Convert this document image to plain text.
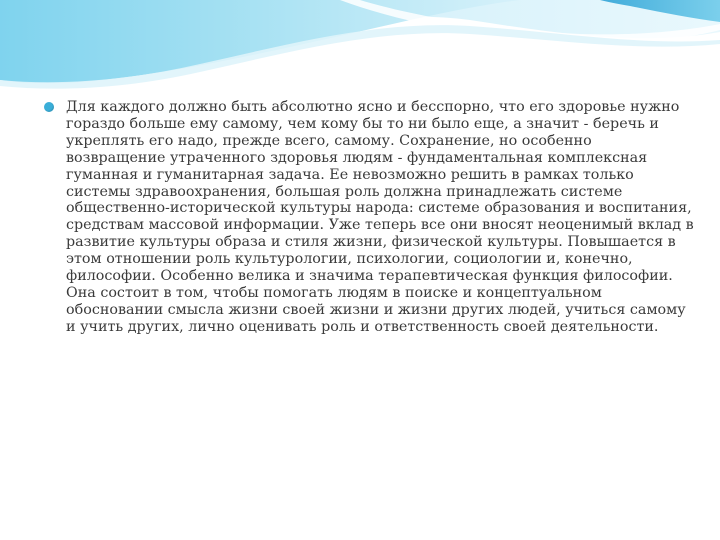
Для каждого должно быть абсолютно ясно и бесспорно, что его здоровье нужно гораздо больше ему самому, чем кому бы то ни было еще, а значит - беречь и укреплять его надо, прежде всего, самому. Сохранение, но особенно возвращение утраченного здоровья людям - фундаментальная комплексная гуманная и гуманитарная задача. Ее невозможно решить в рамках только системы здравоохранения, большая роль должна принадлежать системе общественно-исторической культуры народа: системе образования и воспитания, средствам массовой информации. Уже теперь все они вносят неоценимый вклад в развитие культуры образа и стиля жизни, физической культуры. Повышается в этом отношении роль культурологии, психологии, социологии и, конечно, философии. Особенно велика и значима терапевтическая функция философии. Она состоит в том, чтобы помогать людям в поиске и концептуальном обосновании смысла жизни своей жизни и жизни других людей, учиться самому и учить других, лично оценивать роль и ответственность своей деятельности.
